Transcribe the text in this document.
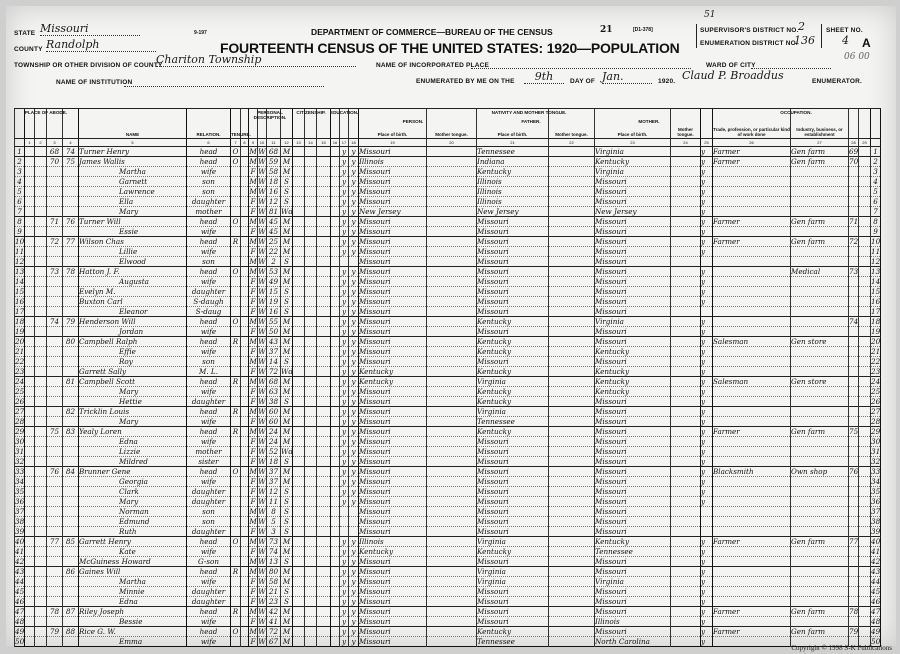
STATE Missouri
COUNTY Randolph
TOWNSHIP OR OTHER DIVISION OF COUNTY
Chariton Township
NAME OF INSTITUTION
9-197	DEPARTMENT OF COMMERCE—BUREAU OF THE CENSUS
FOURTEENTH CENSUS OF THE UNITED STATES: 1920—POPULATION
21	[D1-378]
51
NAME OF INCORPORATED PLACE
ENUMERATED BY ME ON THE	9th	DAY OF Jan.	1920. Claud P. Broaddus	ENUMERATOR.
SUPERVISOR'S DISTRICT NO. 2
ENUMERATION DISTRICT NO.
136
SHEET NO.
4 A
WARD OF CITY
06 00
					NAME	RELATION.	TENURE.												Place of birth.	Mother tongue.	Place of birth.	Mother tongue.	Place of birth.	Mother tongue.		Trade, profession, or particular kind of work done	Industry, business, or establishment			
	1	2	3	4	5	6	7	8	9	10	11	12	13	14	15	16	17	18	19	20	21	22	23	24	25	26	27	28	29	
1			68	74	Turner Henry	head	O		M	W	68	M					y	y	Missouri		Tennessee		Virginia		y	Farmer	Gen farm	69		1
2			70	75	James Wallis	head	O		M	W	59	M					y	y	Illinois		Indiana		Kentucky		y	Farmer	Gen farm	70		2
3					Martha	wife			F	W	58	M					y	y	Missouri		Kentucky		Virginia		y					3
4					Garnett	son			M	W	18	S					y	y	Missouri		Illinois		Missouri		y					4
5					Lawrence	son			M	W	16	S					y	y	Missouri		Illinois		Missouri		y					5
6					Ella	daughter			F	W	12	S					y	y	Missouri		Illinois		Missouri		y					6
7					Mary	mother			F	W	81	Wd					y	y	New Jersey		New Jersey		New Jersey		y					7
8			71	76	Turner Will	head	O		M	W	45	M					y	y	Missouri		Missouri		Missouri		y	Farmer	Gen farm	71		8
9					Essie	wife			F	W	45	M					y	y	Missouri		Missouri		Missouri		y					9
10			72	77	Wilson Chas	head	R		M	W	25	M					y	y	Missouri		Missouri		Missouri		y	Farmer	Gen farm	72		10
11					Lillie	wife			F	W	22	M					y	y	Missouri		Missouri		Missouri		y					11
12					Elwood	son			M	W	2	S							Missouri		Missouri		Missouri							12
13			73	78	Hatton J. F.	head	O		M	W	53	M					y	y	Missouri		Missouri		Missouri		y		Medical	73		13
14					Augusta	wife			F	W	49	M					y	y	Missouri		Missouri		Missouri		y					14
15					Evelyn M.	daughter			F	W	15	S					y	y	Missouri		Missouri		Missouri		y					15
16					Buxton Carl	S-daugh			F	W	19	S					y	y	Missouri		Missouri		Missouri		y					16
17					Eleanor	S-daug			F	W	16	S					y	y	Missouri		Missouri		Missouri							17
18			74	79	Henderson Will	head	O		M	W	55	M					y	y	Missouri		Kentucky		Virginia		y			74		18
19					Jordan	wife			F	W	50	M					y	y	Missouri		Missouri		Missouri		y					19
20				80	Campbell Ralph	head	R		M	W	43	M					y	y	Missouri		Kentucky		Missouri		y	Salesman	Gen store			20
21					Effie	wife			F	W	37	M					y	y	Missouri		Kentucky		Kentucky		y					21
22					Roy	son			M	W	14	S					y	y	Missouri		Missouri		Missouri		y					22
23					Garrett Sally	M. L.			F	W	72	Wd					y	y	Kentucky		Kentucky		Kentucky		y					23
24				81	Campbell Scott	head	R		M	W	68	M					y	y	Kentucky		Virginia		Kentucky		y	Salesman	Gen store			24
25					Mary	wife			F	W	63	M					y	y	Missouri		Kentucky		Kentucky		y					25
26					Hettie	daughter			F	W	38	S					y	y	Missouri		Kentucky		Missouri		y					26
27				82	Tricklin Louis	head	R		M	W	60	M					y	y	Missouri		Virginia		Missouri		y					27
28					Mary	wife			F	W	60	M					y	y	Missouri		Tennessee		Missouri		y					28
29			75	83	Yealy Loren	head	R		M	W	24	M					y	y	Missouri		Kentucky		Missouri		y	Farmer	Gen farm	75		29
30					Edna	wife			F	W	24	M					y	y	Missouri		Missouri		Missouri		y					30
31					Lizzie	mother			F	W	52	Wd					y	y	Missouri		Missouri		Missouri		y					31
32					Mildred	sister			F	W	18	S					y	y	Missouri		Missouri		Missouri		y					32
33			76	84	Brunner Gene	head	O		M	W	37	M					y	y	Missouri		Missouri		Missouri		y	Blacksmith	Own shop	76		33
34					Georgia	wife			F	W	37	M					y	y	Missouri		Missouri		Missouri		y					34
35					Clark	daughter			F	W	12	S					y	y	Missouri		Missouri		Missouri		y					35
36					Mary	daughter			F	W	11	S					y	y	Missouri		Missouri		Missouri		y					36
37					Norman	son			M	W	8	S							Missouri		Missouri		Missouri							37
38					Edmund	son			M	W	5	S							Missouri		Missouri		Missouri							38
39					Ruth	daughter			F	W	3	S							Missouri		Missouri		Missouri							39
40			77	85	Garrett Henry	head	O		M	W	73	M					y	y	Illinois		Virginia		Kentucky		y	Farmer	Gen farm	77		40
41					Kate	wife			F	W	74	M					y	y	Kentucky		Kentucky		Tennessee		y					41
42					McGuiness Howard	G-son			M	W	13	S					y	y	Missouri		Missouri		Missouri		y					42
43				86	Gaines Will	head	R		M	W	80	M					y	y	Missouri		Virginia		Missouri		y					43
44					Martha	wife			F	W	58	M					y	y	Missouri		Virginia		Virginia		y					44
45					Minnie	daughter			F	W	21	S					y	y	Missouri		Missouri		Missouri		y					45
46					Edna	daughter			F	W	23	S					y	y	Missouri		Missouri		Missouri		y					46
47			78	87	Riley Joseph	head	R		M	W	42	M					y	y	Missouri		Missouri		Missouri		y	Farmer	Gen farm	78		47
48					Bessie	wife			F	W	41	M					y	y	Missouri		Missouri		Illinois		y					48
49			79	88	Rice G. W.	head	O		M	W	72	M					y	y	Missouri		Kentucky		Missouri		y	Farmer	Gen farm	79		49
50					Emma	wife			F	W	67	M					y	y	Missouri		Tennessee		North Carolina		y					50
Copyright © 1998 S-K Publications
PLACE OF ABODE.	PERSONAL DESCRIPTION.
CITIZENSHIP. EDUCATION.	NATIVITY AND MOTHER TONGUE.	OCCUPATION.
PERSON.	FATHER.	MOTHER.
